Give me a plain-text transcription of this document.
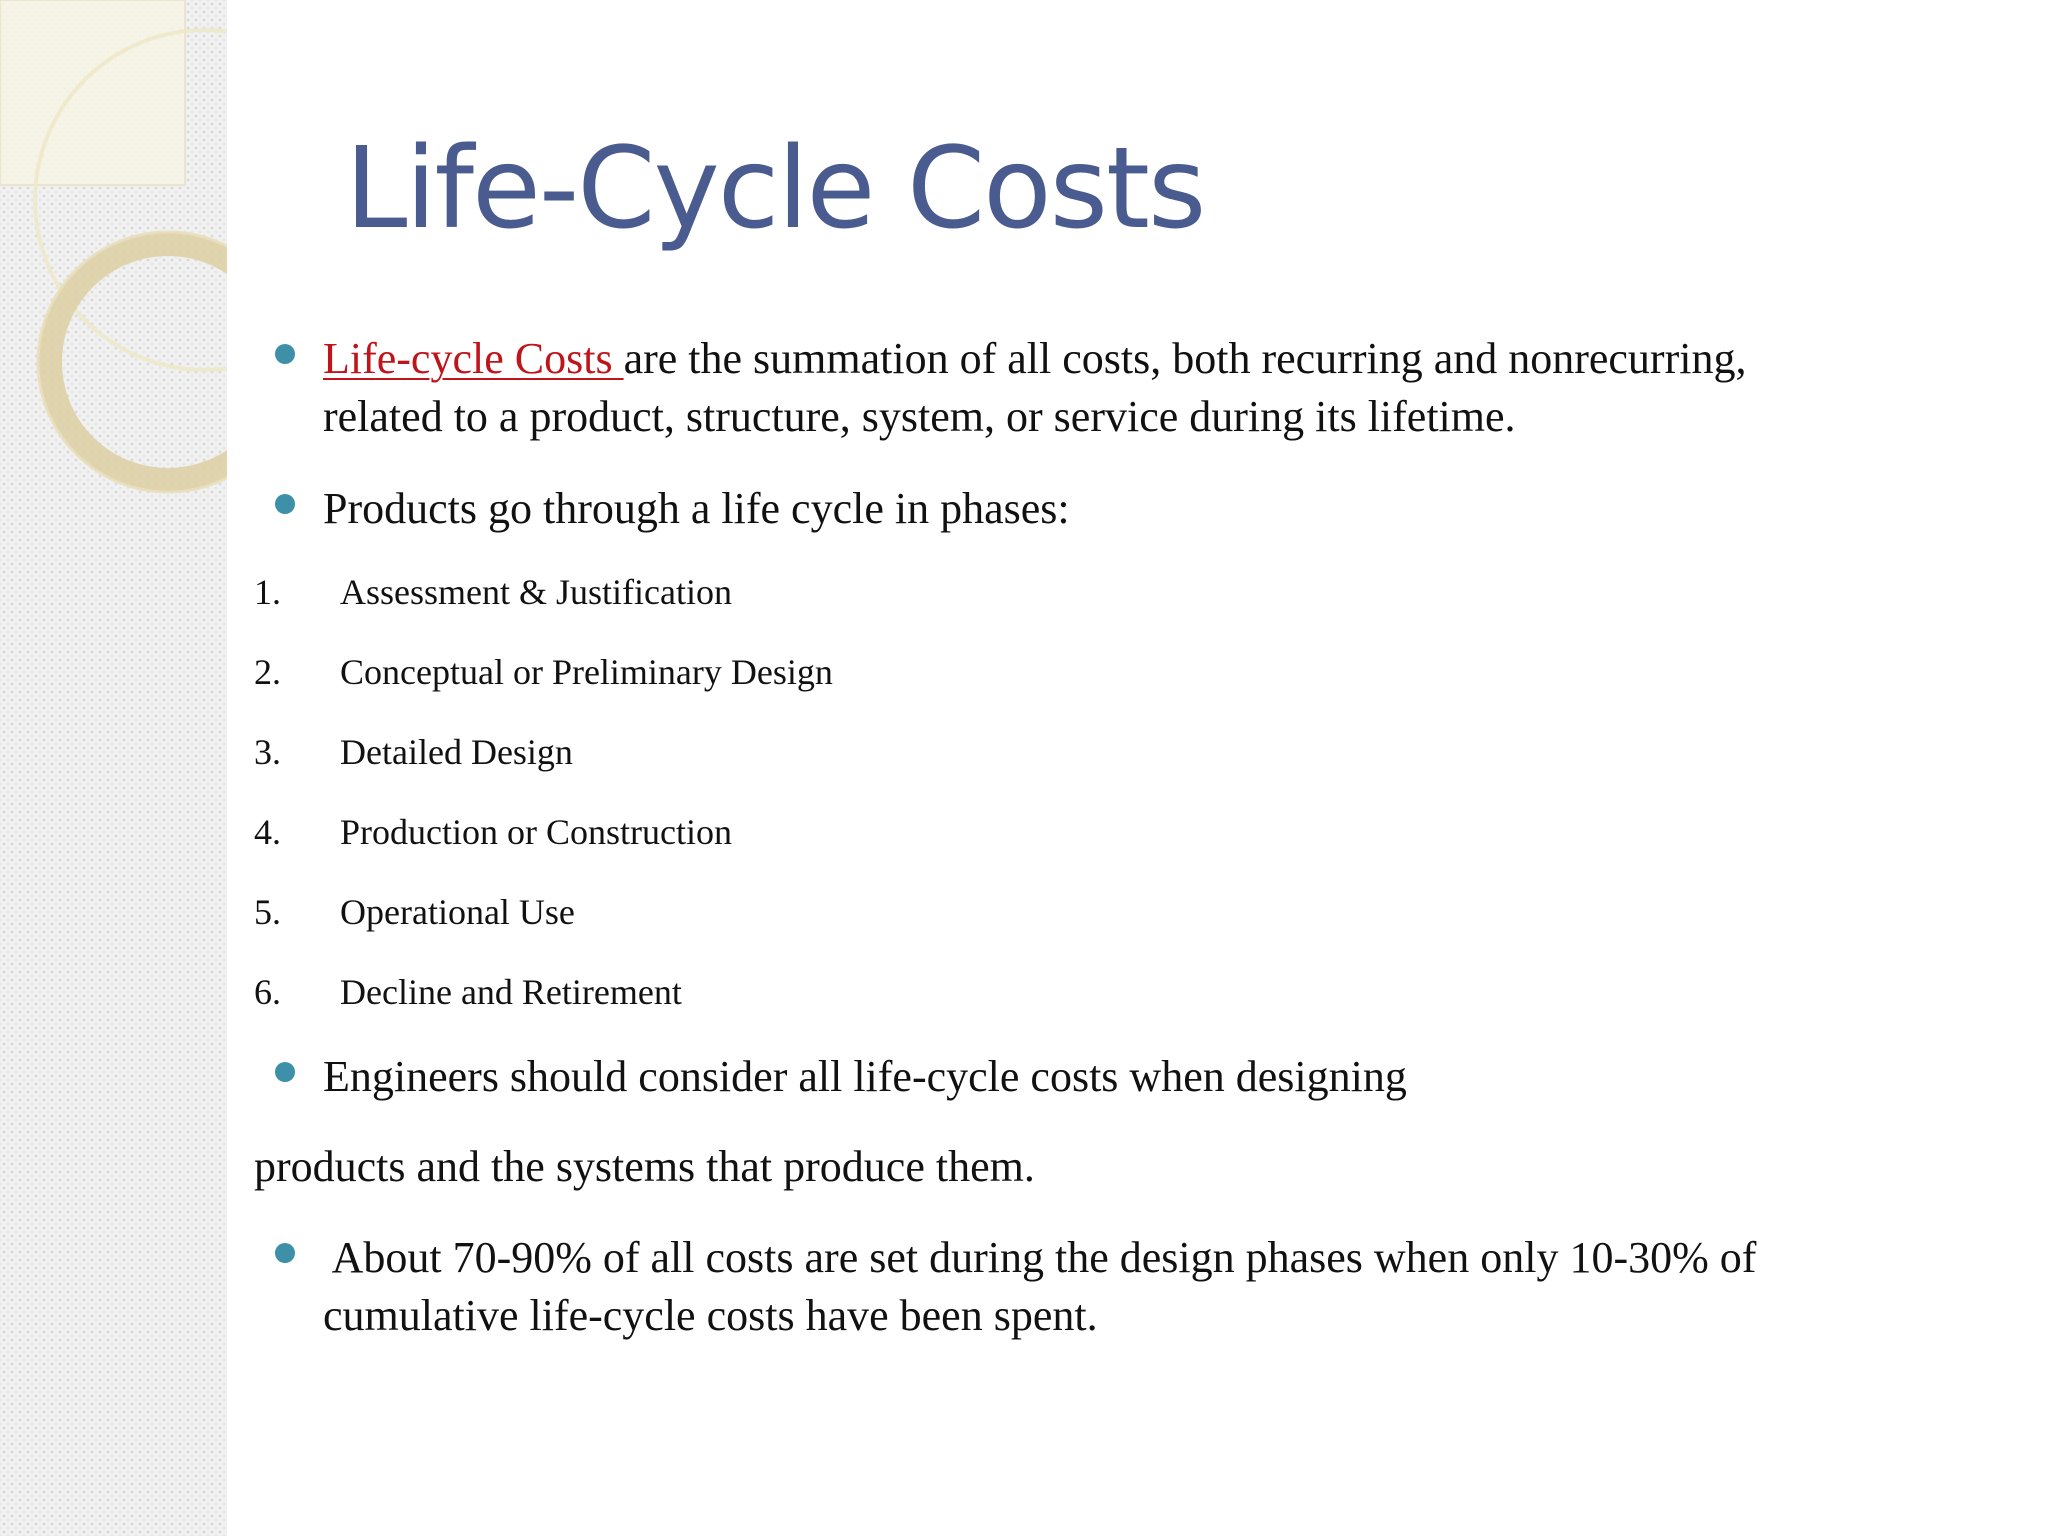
Life-Cycle Costs
Life-cycle Costs are the summation of all costs, both recurring and nonrecurring,
related to a product, structure, system, or service during its lifetime.
Products go through a life cycle in phases:
1. Assessment & Justification
2. Conceptual or Preliminary Design
3. Detailed Design
4. Production or Construction
5. Operational Use
6. Decline and Retirement
Engineers should consider all life-cycle costs when designing
products and the systems that produce them.
About 70-90% of all costs are set during the design phases when only 10-30% of
cumulative life-cycle costs have been spent.
